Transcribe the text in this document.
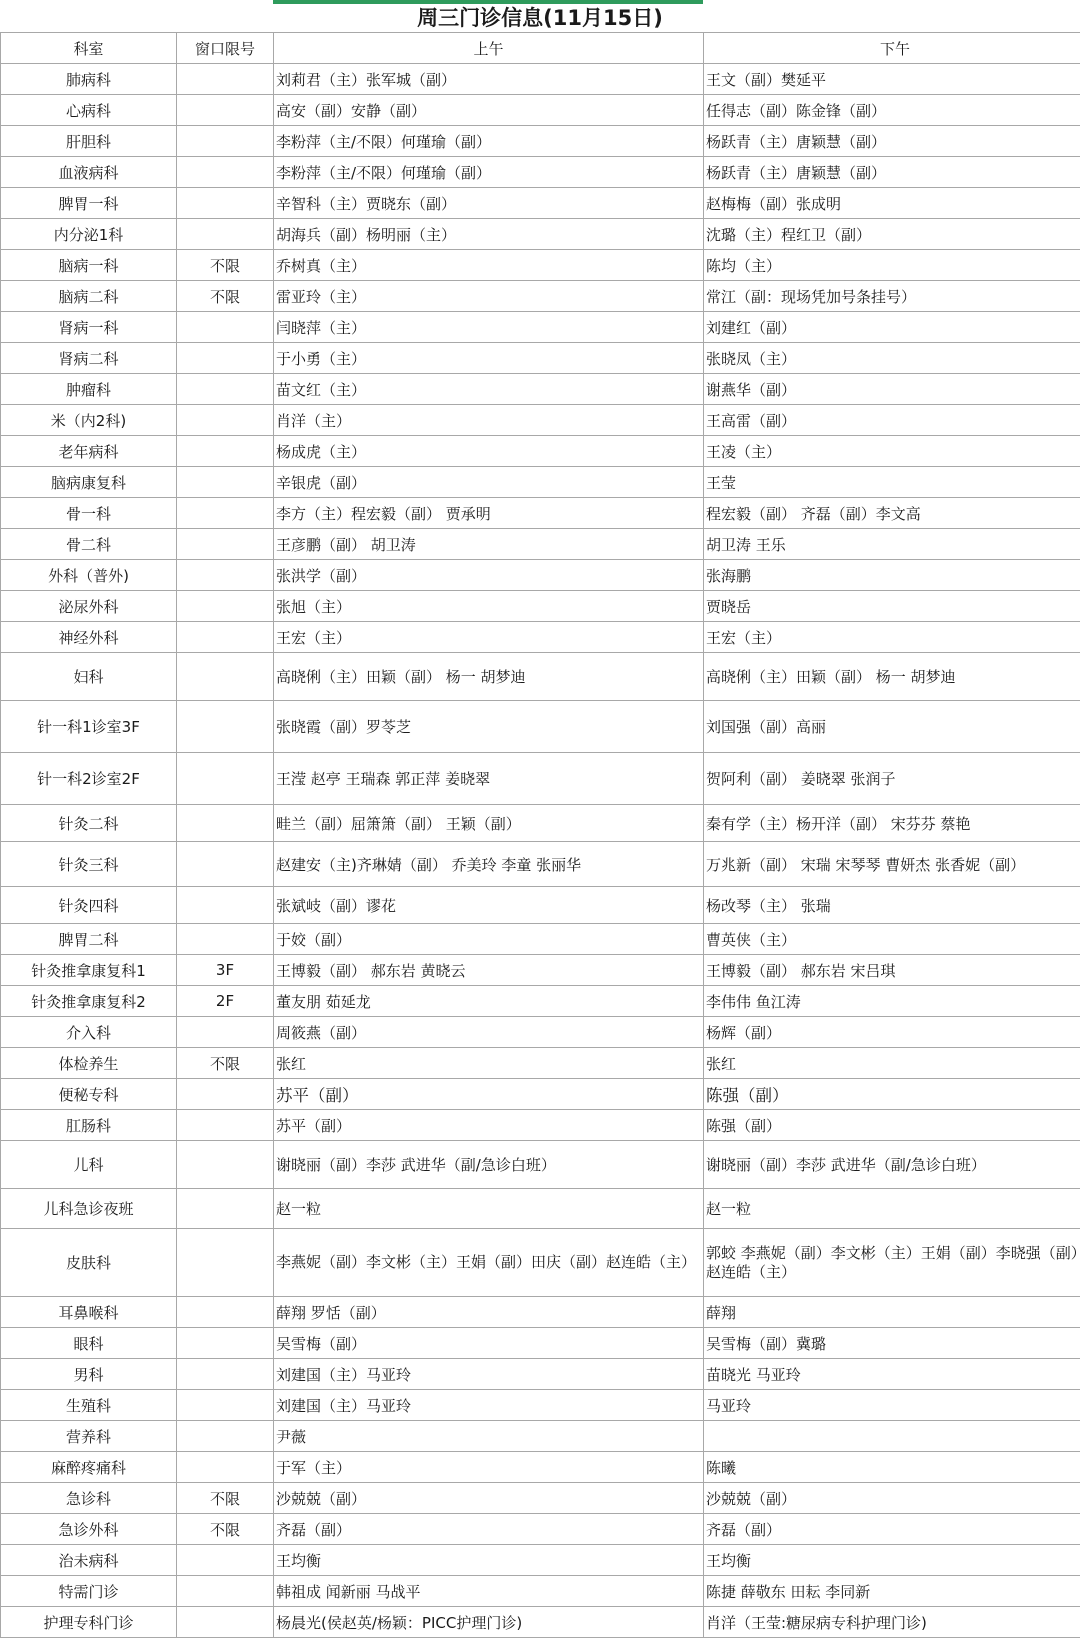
周三门诊信息(11月15日)
科室	窗口限号	上午	下午
肺病科		刘莉君（主）张军城（副）	王文（副）樊延平
心病科		高安（副）安静（副）	任得志（副）陈金锋（副）
肝胆科		李粉萍（主/不限）何瑾瑜（副）	杨跃青（主）唐颖慧（副）
血液病科		李粉萍（主/不限）何瑾瑜（副）	杨跃青（主）唐颖慧（副）
脾胃一科		辛智科（主）贾晓东（副）	赵梅梅（副）张成明
内分泌1科		胡海兵（副）杨明丽（主）	沈璐（主）程红卫（副）
脑病一科	不限	乔树真（主）	陈均（主）
脑病二科	不限	雷亚玲（主）	常江（副：现场凭加号条挂号）
肾病一科		闫晓萍（主）	刘建红（副）
肾病二科		于小勇（主）	张晓凤（主）
肿瘤科		苗文红（主）	谢燕华（副）
米（内2科)		肖洋（主）	王高雷（副）
老年病科		杨成虎（主）	王凌（主）
脑病康复科		辛银虎（副）	王莹
骨一科		李方（主）程宏毅（副） 贾承明	程宏毅（副） 齐磊（副）李文高
骨二科		王彦鹏（副） 胡卫涛	胡卫涛 王乐
外科（普外)		张洪学（副）	张海鹏
泌尿外科		张旭（主）	贾晓岳
神经外科		王宏（主）	王宏（主）
妇科		高晓俐（主）田颖（副） 杨一 胡梦迪	高晓俐（主）田颖（副） 杨一 胡梦迪
针一科1诊室3F		张晓霞（副）罗苓芝	刘国强（副）高丽
针一科2诊室2F		王滢 赵亭 王瑞森 郭正萍 姜晓翠	贺阿利（副） 姜晓翠 张润子
针灸二科		畦兰（副）屈箫箫（副） 王颖（副）	秦有学（主）杨开洋（副） 宋芬芬 蔡艳
针灸三科		赵建安（主)齐琳婧（副） 乔美玲 李童 张丽华	万兆新（副） 宋瑞 宋琴琴 曹妍杰 张香妮（副）
针灸四科		张斌岐（副）谬花	杨改琴（主） 张瑞
脾胃二科		于姣（副）	曹英侠（主）
针灸推拿康复科1	3F	王博毅（副） 郝东岩 黄晓云	王博毅（副） 郝东岩 宋吕琪
针灸推拿康复科2	2F	董友朋 茹延龙	李伟伟 鱼江涛
介入科		周筱燕（副）	杨辉（副）
体检养生	不限	张红	张红
便秘专科		苏平（副）	陈强（副）
肛肠科		苏平（副）	陈强（副）
儿科		谢晓丽（副）李莎 武进华（副/急诊白班）	谢晓丽（副）李莎 武进华（副/急诊白班）
儿科急诊夜班		赵一粒	赵一粒
皮肤科		李燕妮（副）李文彬（主）王娟（副）田庆（副）赵连皓（主）	郭蛟 李燕妮（副）李文彬（主）王娟（副）李晓强（副）赵连皓（主）
耳鼻喉科		薛翔 罗恬（副）	薛翔
眼科		吴雪梅（副）	吴雪梅（副）冀璐
男科		刘建国（主）马亚玲	苗晓光 马亚玲
生殖科		刘建国（主）马亚玲	马亚玲
营养科		尹薇	
麻醉疼痛科		于军（主）	陈曦
急诊科	不限	沙兢兢（副）	沙兢兢（副）
急诊外科	不限	齐磊（副）	齐磊（副）
治未病科		王均衡	王均衡
特需门诊		韩祖成 闻新丽 马战平	陈捷 薛敬东 田耘 李同新
护理专科门诊		杨晨光(侯赵英/杨颖：PICC护理门诊)	肖洋（王莹:糖尿病专科护理门诊)
